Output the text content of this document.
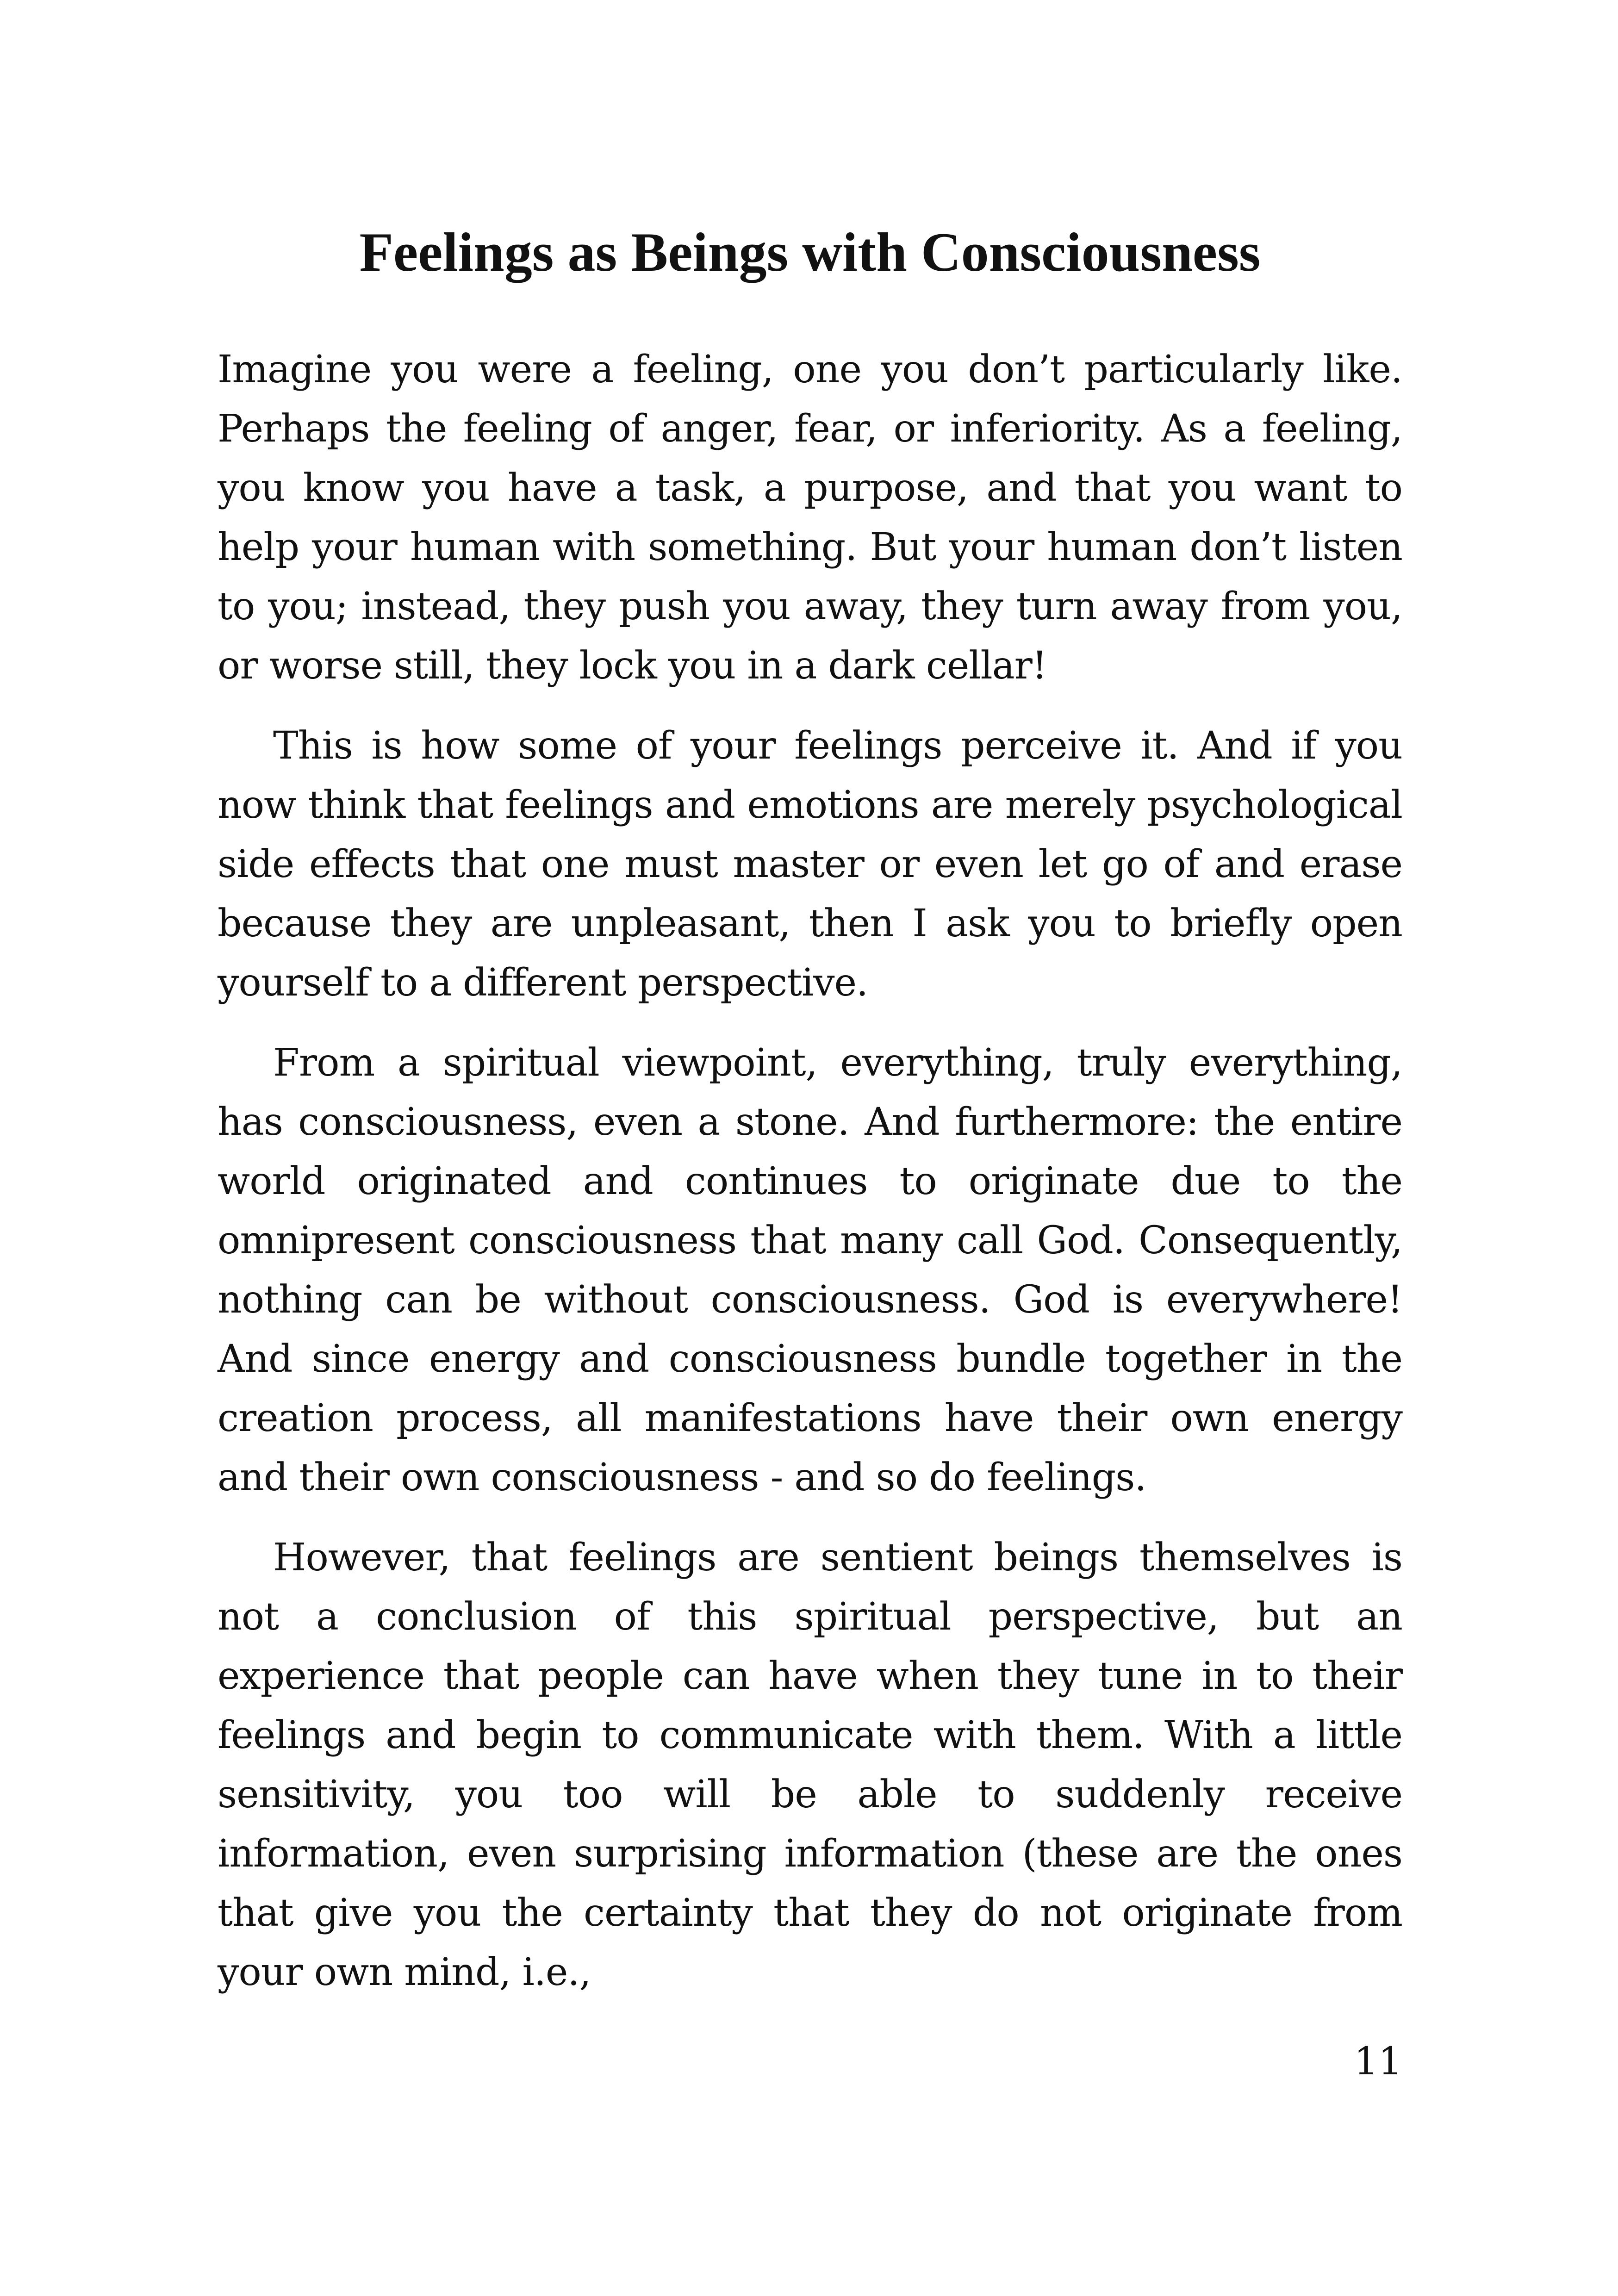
Feelings as Beings with Consciousness

Imagine you were a feeling, one you don’t particularly like. Perhaps the feeling of anger, fear, or inferiority. As a feeling, you know you have a task, a purpose, and that you want to help your human with something. But your human don’t listen to you; instead, they push you away, they turn away from you, or worse still, they lock you in a dark cellar!

This is how some of your feelings perceive it. And if you now think that feelings and emotions are merely psychological side effects that one must master or even let go of and erase because they are unpleasant, then I ask you to briefly open yourself to a different perspective.

From a spiritual viewpoint, everything, truly everything, has consciousness, even a stone. And furthermore: the entire world originated and continues to originate due to the omnipresent consciousness that many call God. Consequently, nothing can be without consciousness. God is everywhere! And since energy and consciousness bundle together in the creation process, all manifestations have their own energy and their own consciousness - and so do feelings.

However, that feelings are sentient beings themselves is not a conclusion of this spiritual perspective, but an experience that people can have when they tune in to their feelings and begin to communicate with them. With a little sensitivity, you too will be able to suddenly receive information, even surprising information (these are the ones that give you the certainty that they do not originate from your own mind, i.e.,

11
